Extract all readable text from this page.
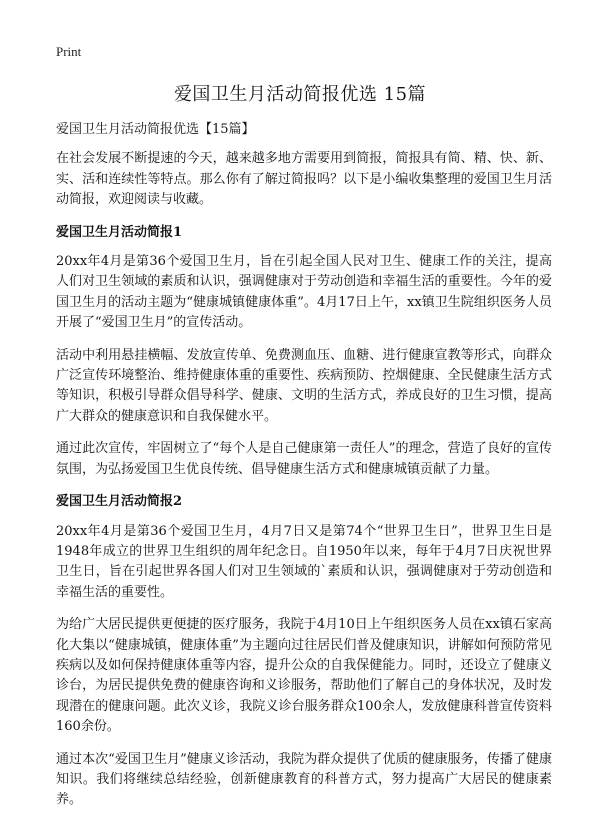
Print
爱国卫生月活动简报优选 15篇

爱国卫生月活动简报优选【15篇】

在社会发展不断提速的今天，越来越多地方需要用到简报，简报具有简、精、快、新、实、活和连续性等特点。那么你有了解过简报吗？以下是小编收集整理的爱国卫生月活动简报，欢迎阅读与收藏。

爱国卫生月活动简报1

20xx年4月是第36个爱国卫生月，旨在引起全国人民对卫生、健康工作的关注，提高人们对卫生领域的素质和认识，强调健康对于劳动创造和幸福生活的重要性。今年的爱国卫生月的活动主题为“健康城镇健康体重”。4月17日上午，xx镇卫生院组织医务人员开展了“爱国卫生月”的宣传活动。

活动中利用悬挂横幅、发放宣传单、免费测血压、血糖、进行健康宣教等形式，向群众广泛宣传环境整治、维持健康体重的重要性、疾病预防、控烟健康、全民健康生活方式等知识，积极引导群众倡导科学、健康、文明的生活方式，养成良好的卫生习惯，提高广大群众的健康意识和自我保健水平。

通过此次宣传，牢固树立了“每个人是自己健康第一责任人”的理念，营造了良好的宣传氛围，为弘扬爱国卫生优良传统、倡导健康生活方式和健康城镇贡献了力量。

爱国卫生月活动简报2

20xx年4月是第36个爱国卫生月，4月7日又是第74个“世界卫生日”，世界卫生日是1948年成立的世界卫生组织的周年纪念日。自1950年以来，每年于4月7日庆祝世界卫生日，旨在引起世界各国人们对卫生领域的`素质和认识，强调健康对于劳动创造和幸福生活的重要性。

为给广大居民提供更便捷的医疗服务，我院于4月10日上午组织医务人员在xx镇石家高化大集以“健康城镇，健康体重”为主题向过往居民们普及健康知识，讲解如何预防常见疾病以及如何保持健康体重等内容，提升公众的自我保健能力。同时，还设立了健康义诊台，为居民提供免费的健康咨询和义诊服务，帮助他们了解自己的身体状况，及时发现潜在的健康问题。此次义诊，我院义诊台服务群众100余人，发放健康科普宣传资料160余份。

通过本次“爱国卫生月”健康义诊活动，我院为群众提供了优质的健康服务，传播了健康知识。我们将继续总结经验，创新健康教育的科普方式，努力提高广大居民的健康素养。
